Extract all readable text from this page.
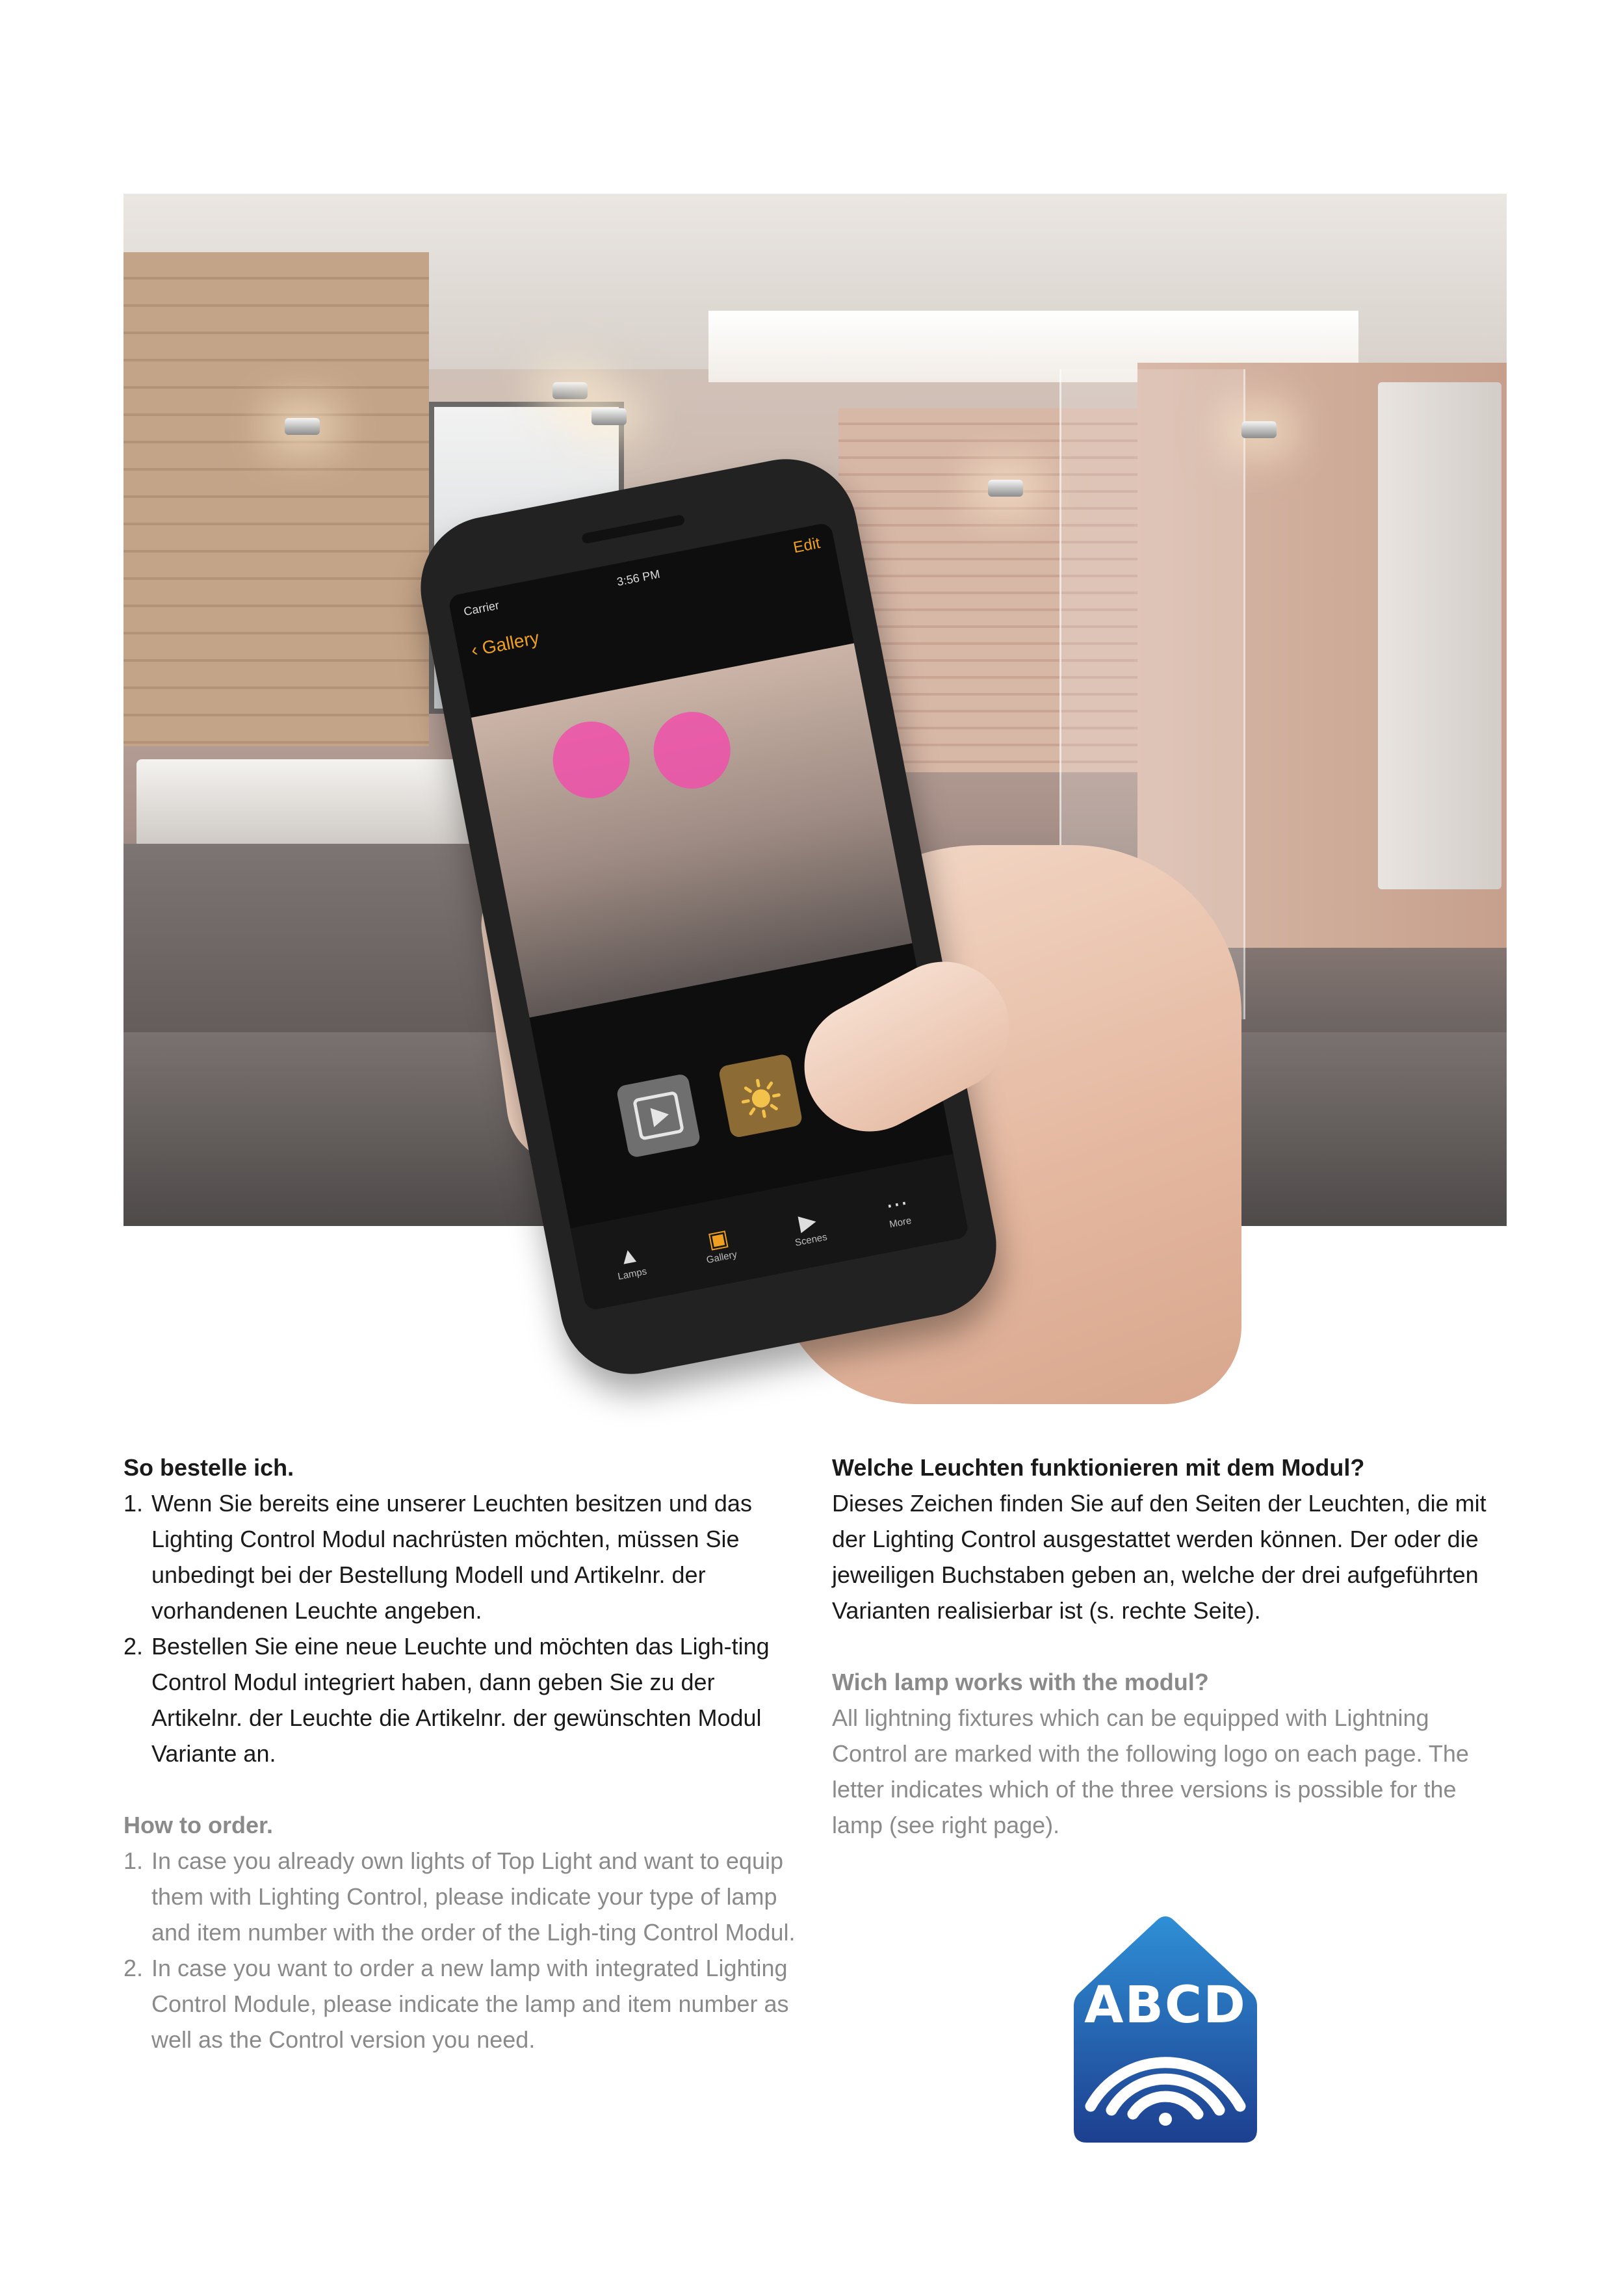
Carrier
3:56 PM
‹ Gallery
Edit
▲
Lamps
▣
Gallery
▶
Scenes
⋯
More
So bestelle ich.
1. Wenn Sie bereits eine unserer Leuchten besitzen und das Lighting Control Modul nachrüsten möchten, müssen Sie unbedingt bei der Bestellung Modell und Artikelnr. der vorhandenen Leuchte angeben.
2. Bestellen Sie eine neue Leuchte und möchten das Ligh-ting Control Modul integriert haben, dann geben Sie zu der Artikelnr. der Leuchte die Artikelnr. der gewünschten Modul Variante an.
How to order.
1. In case you already own lights of Top Light and want to equip them with Lighting Control, please indicate your type of lamp and item number with the order of the Ligh-ting Control Modul.
2. In case you want to order a new lamp with integrated Lighting Control Module, please indicate the lamp and item number as well as the Control version you need.
Welche Leuchten funktionieren mit dem Modul?

Dieses Zeichen finden Sie auf den Seiten der Leuchten, die mit der Lighting Control ausgestattet werden können. Der oder die jeweiligen Buchstaben geben an, welche der drei aufgeführten Varianten realisierbar ist (s. rechte Seite).

Wich lamp works with the modul?

All lightning fixtures which can be equipped with Lightning Control are marked with the following logo on each page. The letter indicates which of the three versions is possible for the lamp (see right page).

ABCD
